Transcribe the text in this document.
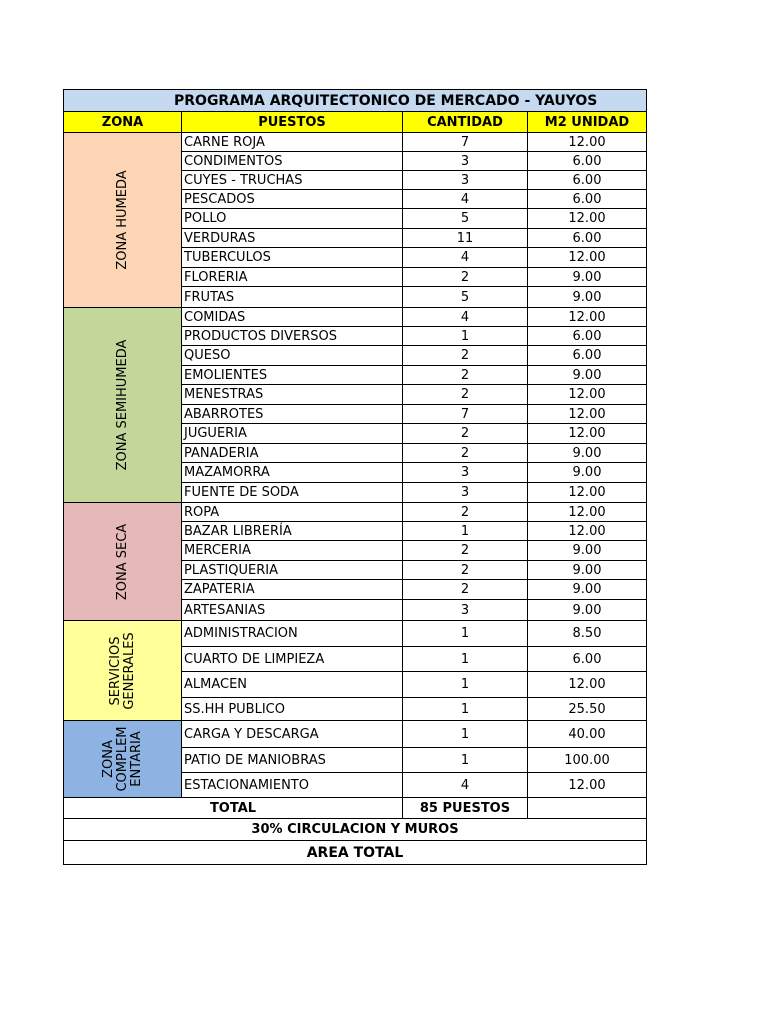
PROGRAMA ARQUITECTONICO DE MERCADO - YAUYOS			
ZONA	PUESTOS	CANTIDAD	M2 UNIDAD

ZONA HUMEDA	CARNE ROJA	7	12.00
	CONDIMENTOS	3	6.00
	CUYES - TRUCHAS	3	6.00
	PESCADOS	4	6.00
	POLLO	5	12.00
	VERDURAS	11	6.00
	TUBERCULOS	4	12.00
	FLORERIA	2	9.00
	FRUTAS	5	9.00

ZONA SEMIHUMEDA	COMIDAS	4	12.00
	PRODUCTOS DIVERSOS	1	6.00
	QUESO	2	6.00
	EMOLIENTES	2	9.00
	MENESTRAS	2	12.00
	ABARROTES	7	12.00
	JUGUERIA	2	12.00
	PANADERIA	2	9.00
	MAZAMORRA	3	9.00
	FUENTE DE SODA	3	12.00

ZONA SECA	ROPA	2	12.00
	BAZAR LIBRERÍA	1	12.00
	MERCERIA	2	9.00
	PLASTIQUERIA	2	9.00
	ZAPATERIA	2	9.00
	ARTESANIAS	3	9.00

SERVICIOS GENERALES	ADMINISTRACION	1	8.50
	CUARTO DE LIMPIEZA	1	6.00
	ALMACEN	1	12.00
	SS.HH PUBLICO	1	25.50

ZONA COMPLEM ENTARIA	CARGA Y DESCARGA	1	40.00
	PATIO DE MANIOBRAS	1	100.00
	ESTACIONAMIENTO	4	12.00
TOTAL		85 PUESTOS	
30% CIRCULACION Y MUROS			
AREA TOTAL			
